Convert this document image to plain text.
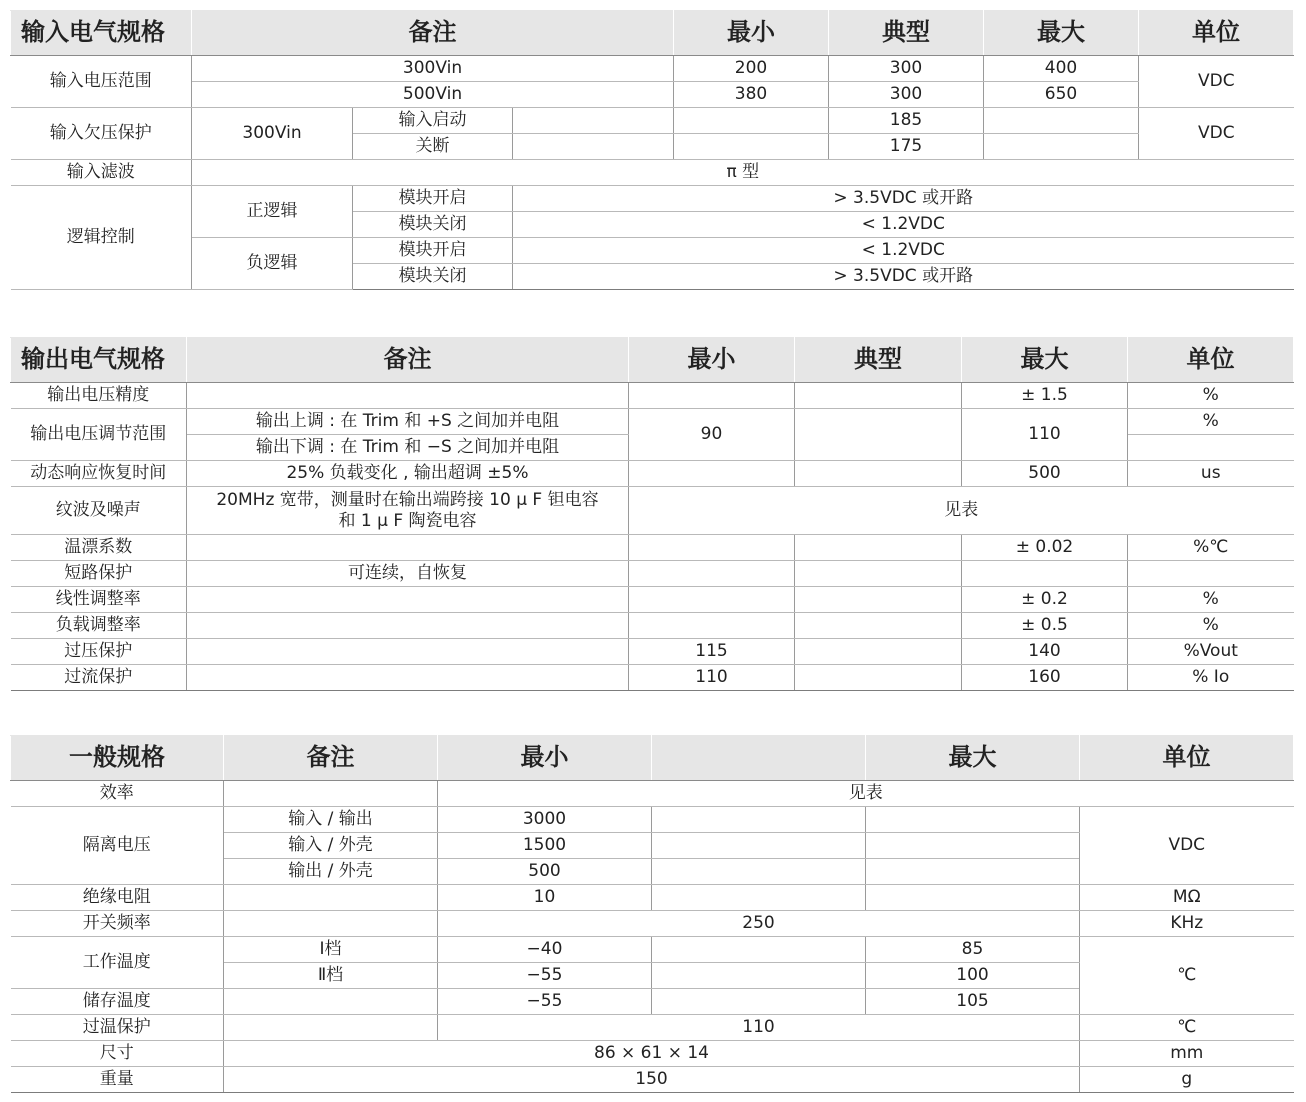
输入电气规格	备注			最小	典型	最大	单位
输入电压范围	300Vin			200	300	400	VDC
	500Vin			380	300	650	
输入欠压保护	300Vin	输入启动			185		VDC
		关断			175		
输入滤波	π 型						
逻辑控制	正逻辑	模块开启	> 3.5VDC 或开路				
		模块关闭	< 1.2VDC				
	负逻辑	模块开启	< 1.2VDC				
		模块关闭	> 3.5VDC 或开路				
输出电气规格	备注	最小	典型	最大	单位
输出电压精度				± 1.5	%
输出电压调节范围	输出上调 : 在 Trim 和 +S 之间加并电阻	90		110	%
	输出下调 : 在 Trim 和 −S 之间加并电阻				
动态响应恢复时间	25% 负载变化 , 输出超调 ±5%			500	us
纹波及噪声	20MHz 宽带，测量时在输出端跨接 10 μ F 钽电容
和 1 μ F 陶瓷电容	见表			
温漂系数				± 0.02	%℃
短路保护	可连续，自恢复				
线性调整率				± 0.2	%
负载调整率				± 0.5	%
过压保护		115		140	%Vout
过流保护		110		160	% Io
一般规格	备注	最小		最大	单位
效率		见表			
隔离电压	输入 / 输出	3000			VDC
	输入 / 外壳	1500			
	输出 / 外壳	500			
绝缘电阻		10			MΩ
开关频率		250			KHz
工作温度	Ⅰ档	−40		85	℃
	Ⅱ档	−55		100	
储存温度		−55		105	
过温保护		110			℃
尺寸	86 × 61 × 14				mm
重量	150				g
